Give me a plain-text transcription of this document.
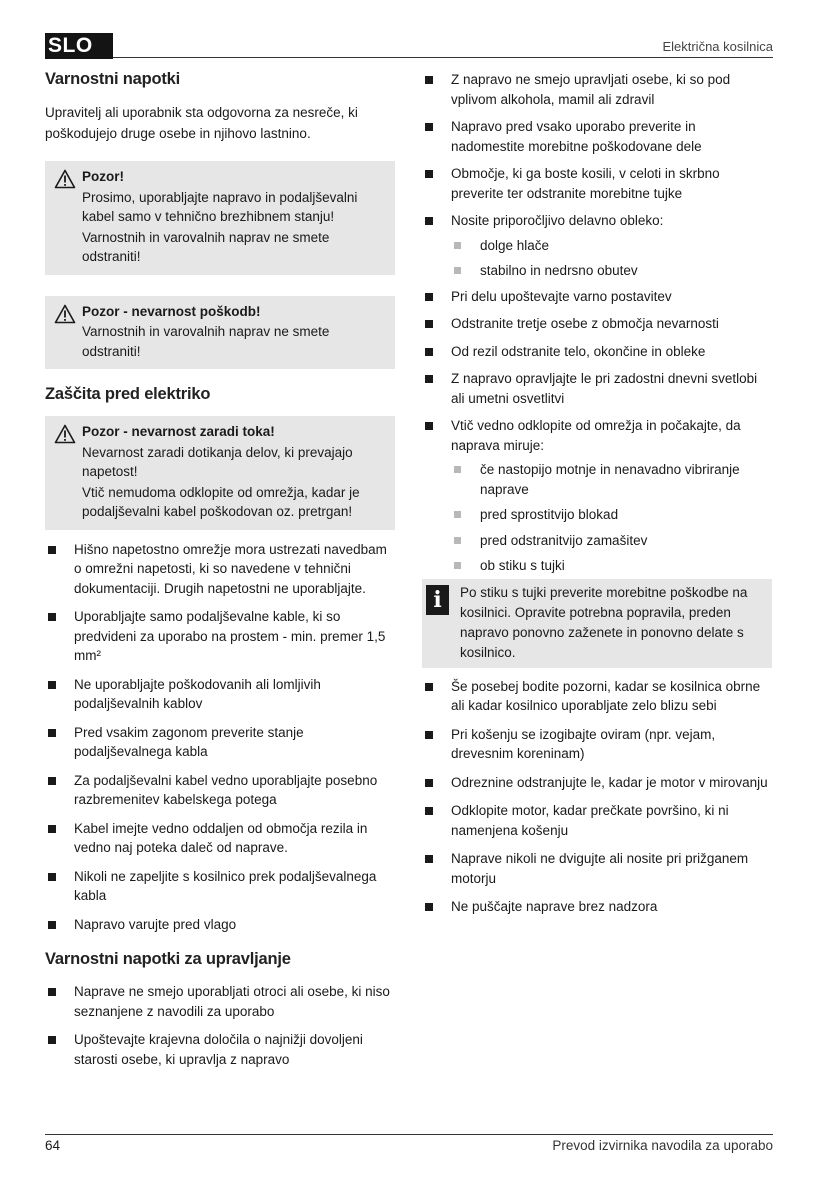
SLO	Električna kosilnica
Varnostni napotki

Upravitelj ali uporabnik sta odgovorna za nesreče, ki poškodujejo druge osebe in njihovo lastnino.

Pozor!
Prosimo, uporabljajte napravo in podaljševalni kabel samo v tehnično brezhibnem stanju!
Varnostnih in varovalnih naprav ne smete odstraniti!
Pozor - nevarnost poškodb!
Varnostnih in varovalnih naprav ne smete odstraniti!
Zaščita pred elektriko
Pozor - nevarnost zaradi toka!
Nevarnost zaradi dotikanja delov, ki prevajajo napetost!
Vtič nemudoma odklopite od omrežja, kadar je podaljševalni kabel poškodovan oz. pretrgan!
Hišno napetostno omrežje mora ustrezati navedbam o omrežni napetosti, ki so navedene v tehnični dokumentaciji. Drugih napetostni ne uporabljajte.
Uporabljajte samo podaljševalne kable, ki so predvideni za uporabo na prostem - min. premer 1,5 mm²
Ne uporabljajte poškodovanih ali lomljivih podaljševalnih kablov
Pred vsakim zagonom preverite stanje podaljševalnega kabla
Za podaljševalni kabel vedno uporabljajte posebno razbremenitev kabelskega potega
Kabel imejte vedno oddaljen od območja rezila in vedno naj poteka daleč od naprave.
Nikoli ne zapeljite s kosilnico prek podaljševalnega kabla
Napravo varujte pred vlago
Varnostni napotki za upravljanje
Naprave ne smejo uporabljati otroci ali osebe, ki niso seznanjene z navodili za uporabo
Upoštevajte krajevna določila o najnižji dovoljeni starosti osebe, ki upravlja z napravo
Z napravo ne smejo upravljati osebe, ki so pod vplivom alkohola, mamil ali zdravil
Napravo pred vsako uporabo preverite in nadomestite morebitne poškodovane dele
Območje, ki ga boste kosili, v celoti in skrbno preverite ter odstranite morebitne tujke
Nosite priporočljivo delavno obleko:
dolge hlače
stabilno in nedrsno obutev
Pri delu upoštevajte varno postavitev
Odstranite tretje osebe z območja nevarnosti
Od rezil odstranite telo, okončine in obleke
Z napravo opravljajte le pri zadostni dnevni svetlobi ali umetni osvetlitvi
Vtič vedno odklopite od omrežja in počakajte, da naprava miruje:
če nastopijo motnje in nenavadno vibriranje naprave
pred sprostitvijo blokad
pred odstranitvijo zamašitev
ob stiku s tujki
i	Po stiku s tujki preverite morebitne poškodbe na kosilnici. Opravite potrebna popravila, preden napravo ponovno zaženete in ponovno delate s kosilnico.
Še posebej bodite pozorni, kadar se kosilnica obrne ali kadar kosilnico uporabljate zelo blizu sebi
Pri košenju se izogibajte oviram (npr. vejam, drevesnim koreninam)
Odreznine odstranjujte le, kadar je motor v mirovanju
Odklopite motor, kadar prečkate površino, ki ni namenjena košenju
Naprave nikoli ne dvigujte ali nosite pri prižganem motorju
Ne puščajte naprave brez nadzora
64	Prevod izvirnika navodila za uporabo
